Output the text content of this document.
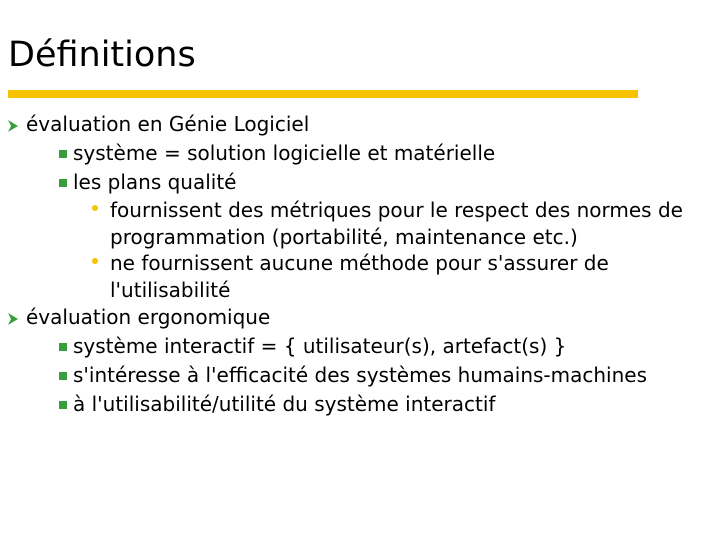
Définitions
évaluation en Génie Logiciel
système = solution logicielle et matérielle
les plans qualité
fournissent des métriques pour le respect des normes de programmation (portabilité, maintenance etc.)
ne fournissent aucune méthode pour s'assurer de l'utilisabilité
évaluation ergonomique
système interactif = { utilisateur(s), artefact(s) }
s'intéresse à l'efficacité des systèmes humains-machines
à l'utilisabilité/utilité du système interactif
